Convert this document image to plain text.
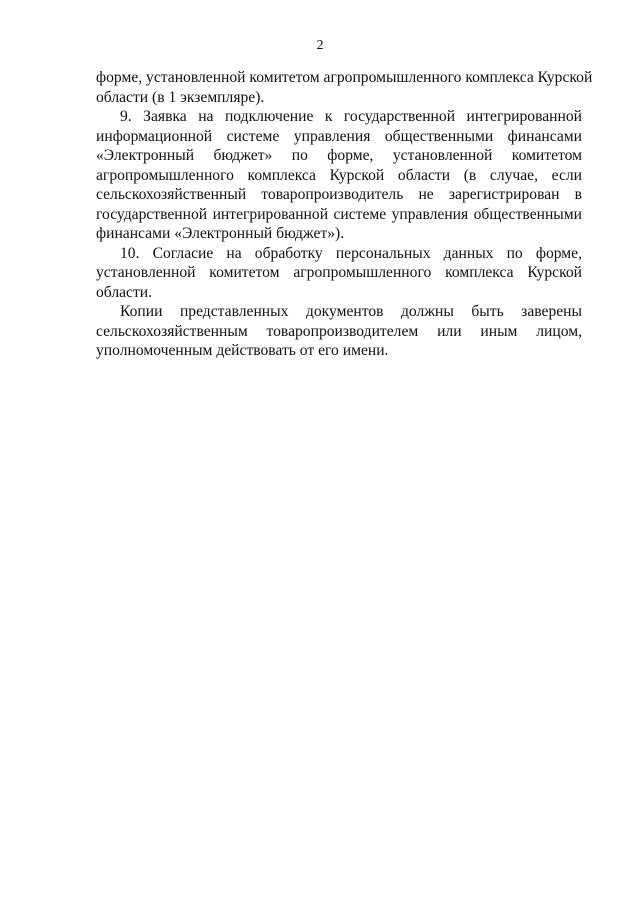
2
форме, установленной комитетом агропромышленного комплекса Курской
области (в 1 экземпляре).
9. Заявка на подключение к государственной интегрированной
информационной системе управления общественными финансами
«Электронный бюджет» по форме, установленной комитетом
агропромышленного комплекса Курской области (в случае, если
сельскохозяйственный товаропроизводитель не зарегистрирован в
государственной интегрированной системе управления общественными
финансами «Электронный бюджет»).
10. Согласие на обработку персональных данных по форме,
установленной комитетом агропромышленного комплекса Курской
области.
Копии представленных документов должны быть заверены
сельскохозяйственным товаропроизводителем или иным лицом,
уполномоченным действовать от его имени.
